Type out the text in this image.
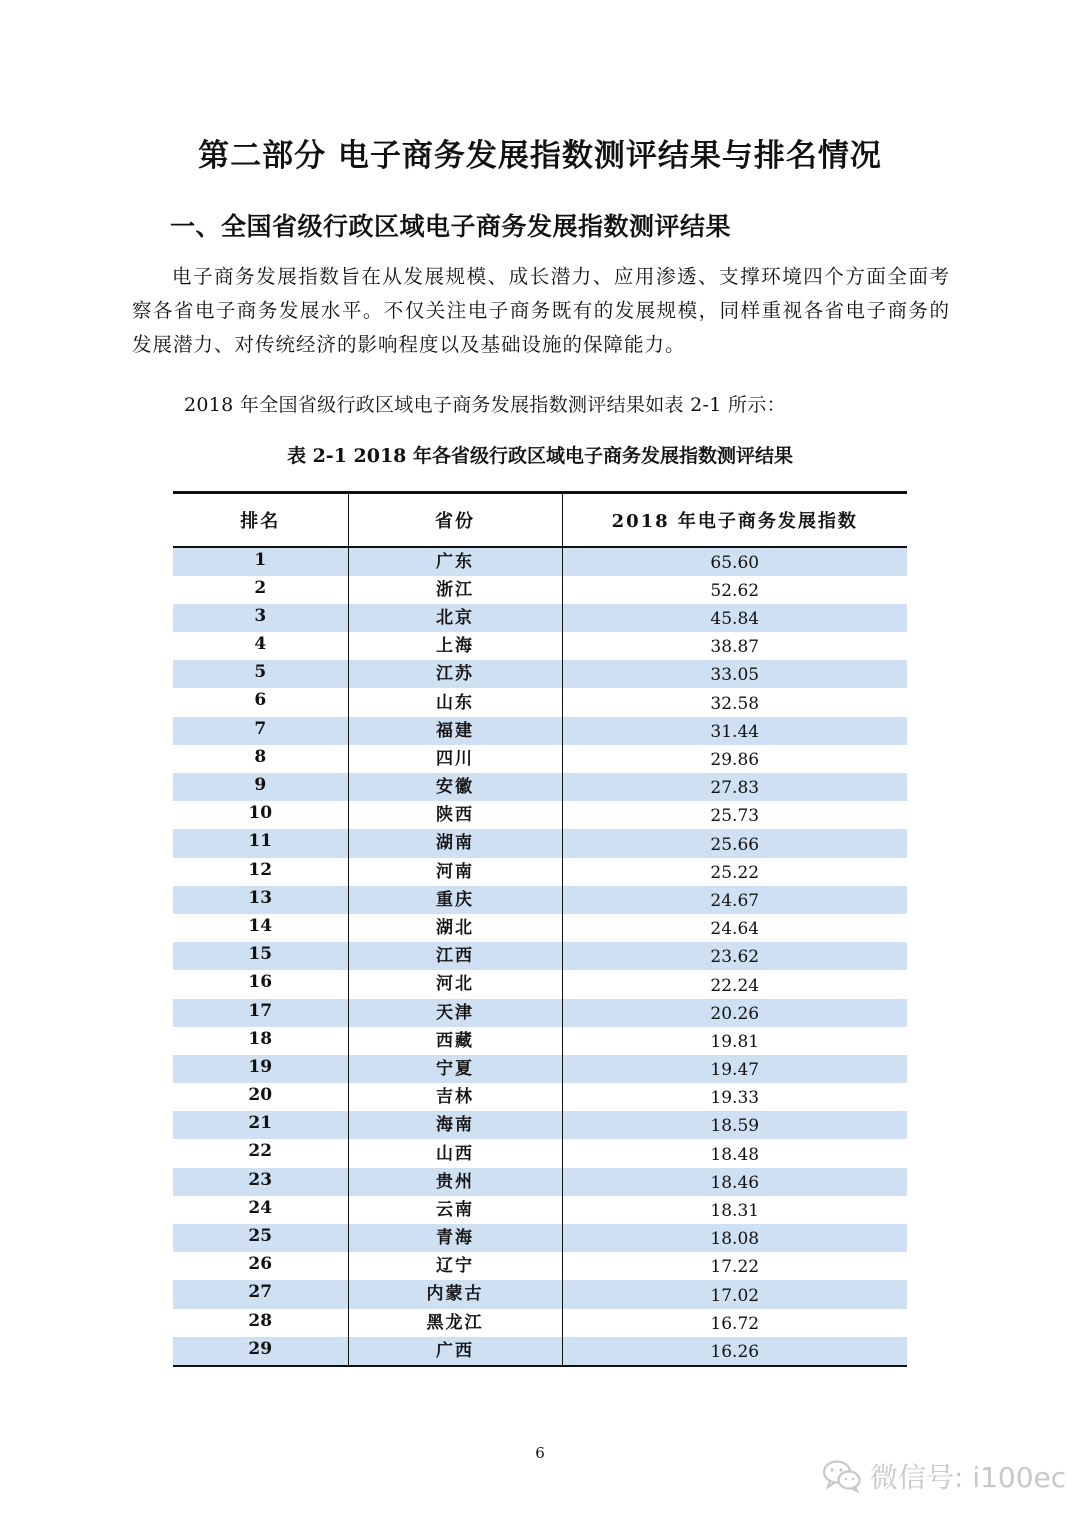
第二部分 电子商务发展指数测评结果与排名情况
一、全国省级行政区域电子商务发展指数测评结果

电子商务发展指数旨在从发展规模、成长潜力、应用渗透、支撑环境四个方面全面考察各省电子商务发展水平。不仅关注电子商务既有的发展规模，同样重视各省电子商务的发展潜力、对传统经济的影响程度以及基础设施的保障能力。

2018 年全国省级行政区域电子商务发展指数测评结果如表 2-1 所示：

表 2-1 2018 年各省级行政区域电子商务发展指数测评结果

排名	省份	2018 年电子商务发展指数
1	广东	65.60
2	浙江	52.62
3	北京	45.84
4	上海	38.87
5	江苏	33.05
6	山东	32.58
7	福建	31.44
8	四川	29.86
9	安徽	27.83
10	陕西	25.73
11	湖南	25.66
12	河南	25.22
13	重庆	24.67
14	湖北	24.64
15	江西	23.62
16	河北	22.24
17	天津	20.26
18	西藏	19.81
19	宁夏	19.47
20	吉林	19.33
21	海南	18.59
22	山西	18.48
23	贵州	18.46
24	云南	18.31
25	青海	18.08
26	辽宁	17.22
27	内蒙古	17.02
28	黑龙江	16.72
29	广西	16.26
6
微信号: i100ec
